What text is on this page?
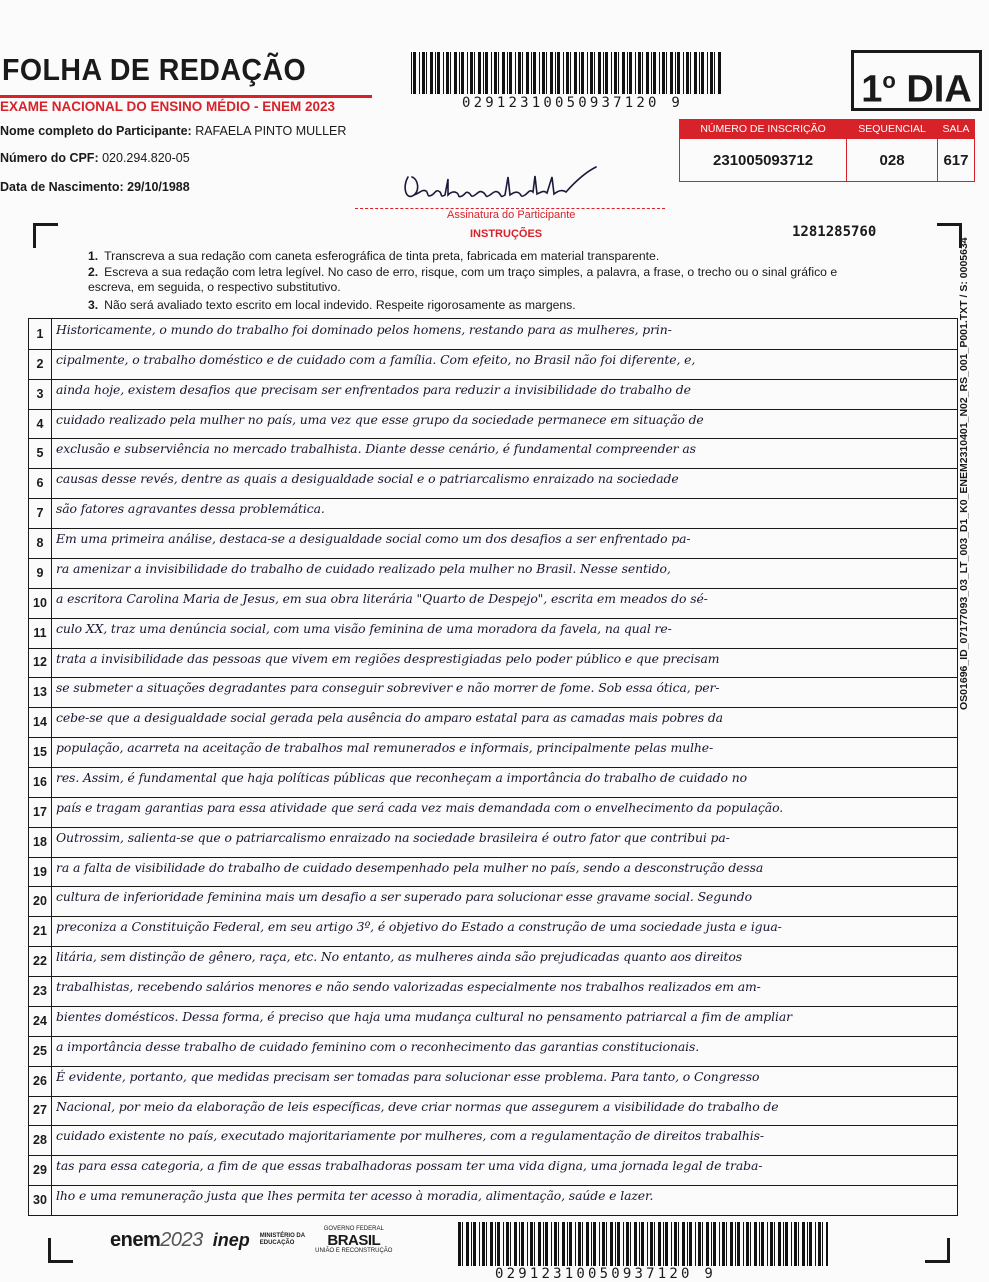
FOLHA DE REDAÇÃO
EXAME NACIONAL DO ENSINO MÉDIO - ENEM 2023
Nome completo do Participante: RAFAELA PINTO MULLER
Número do CPF: 020.294.820-05
Data de Nascimento: 29/10/1988
02912310050937120 9	1$^o$ DIA
NÚMERO DE INSCRIÇÃO	SEQUENCIAL	SALA
231005093712	028	617
Assinatura do Participante
INSTRUÇÕES	1281285760
1. Transcreva a sua redação com caneta esferográfica de tinta preta, fabricada em material transparente.
2. Escreva a sua redação com letra legível. No caso de erro, risque, com um traço simples, a palavra, a frase, o trecho ou o sinal gráfico e
escreva, em seguida, o respectivo substitutivo.
3. Não será avaliado texto escrito em local indevido. Respeite rigorosamente as margens.
1	Historicamente, o mundo do trabalho foi dominado pelos homens, restando para as mulheres, prin-
2	cipalmente, o trabalho doméstico e de cuidado com a família. Com efeito, no Brasil não foi diferente, e,
3	ainda hoje, existem desafios que precisam ser enfrentados para reduzir a invisibilidade do trabalho de
4	cuidado realizado pela mulher no país, uma vez que esse grupo da sociedade permanece em situação de
5	exclusão e subserviência no mercado trabalhista. Diante desse cenário, é fundamental compreender as
6	causas desse revés, dentre as quais a desigualdade social e o patriarcalismo enraizado na sociedade
7	são fatores agravantes dessa problemática.
8	Em uma primeira análise, destaca-se a desigualdade social como um dos desafios a ser enfrentado pa-
9	ra amenizar a invisibilidade do trabalho de cuidado realizado pela mulher no Brasil. Nesse sentido,
10 a escritora Carolina Maria de Jesus, em sua obra literária "Quarto de Despejo", escrita em meados do sé-
11 culo XX, traz uma denúncia social, com uma visão feminina de uma moradora da favela, na qual re-
12 trata a invisibilidade das pessoas que vivem em regiões desprestigiadas pelo poder público e que precisam
13 se submeter a situações degradantes para conseguir sobreviver e não morrer de fome. Sob essa ótica, per-
14 cebe-se que a desigualdade social gerada pela ausência do amparo estatal para as camadas mais pobres da
15 população, acarreta na aceitação de trabalhos mal remunerados e informais, principalmente pelas mulhe-
16 res. Assim, é fundamental que haja políticas públicas que reconheçam a importância do trabalho de cuidado no
17 país e tragam garantias para essa atividade que será cada vez mais demandada com o envelhecimento da população.
18 Outrossim, salienta-se que o patriarcalismo enraizado na sociedade brasileira é outro fator que contribui pa-
19 ra a falta de visibilidade do trabalho de cuidado desempenhado pela mulher no país, sendo a desconstrução dessa
20 cultura de inferioridade feminina mais um desafio a ser superado para solucionar esse gravame social. Segundo
21 preconiza a Constituição Federal, em seu artigo 3º, é objetivo do Estado a construção de uma sociedade justa e igua-
22 litária, sem distinção de gênero, raça, etc. No entanto, as mulheres ainda são prejudicadas quanto aos direitos
23 trabalhistas, recebendo salários menores e não sendo valorizadas especialmente nos trabalhos realizados em am-
24 bientes domésticos. Dessa forma, é preciso que haja uma mudança cultural no pensamento patriarcal a fim de ampliar
25 a importância desse trabalho de cuidado feminino com o reconhecimento das garantias constitucionais.
26 É evidente, portanto, que medidas precisam ser tomadas para solucionar esse problema. Para tanto, o Congresso
27 Nacional, por meio da elaboração de leis específicas, deve criar normas que assegurem a visibilidade do trabalho de
28 cuidado existente no país, executado majoritariamente por mulheres, com a regulamentação de direitos trabalhis-
29 tas para essa categoria, a fim de que essas trabalhadoras possam ter uma vida digna, uma jornada legal de traba-
30 lho e uma remuneração justa que lhes permita ter acesso à moradia, alimentação, saúde e lazer.
OS01696_ID_07177093_03_LT_003_D1_K0_ENEM2310401_N02_RS_001_P001.TXT / S: 0005634
enem2023 inep MINISTÉRIO DA
EDUCAÇÃO
GOVERNO FEDERAL
BRASIL
UNIÃO E RECONSTRUÇÃO
02912310050937120 9
